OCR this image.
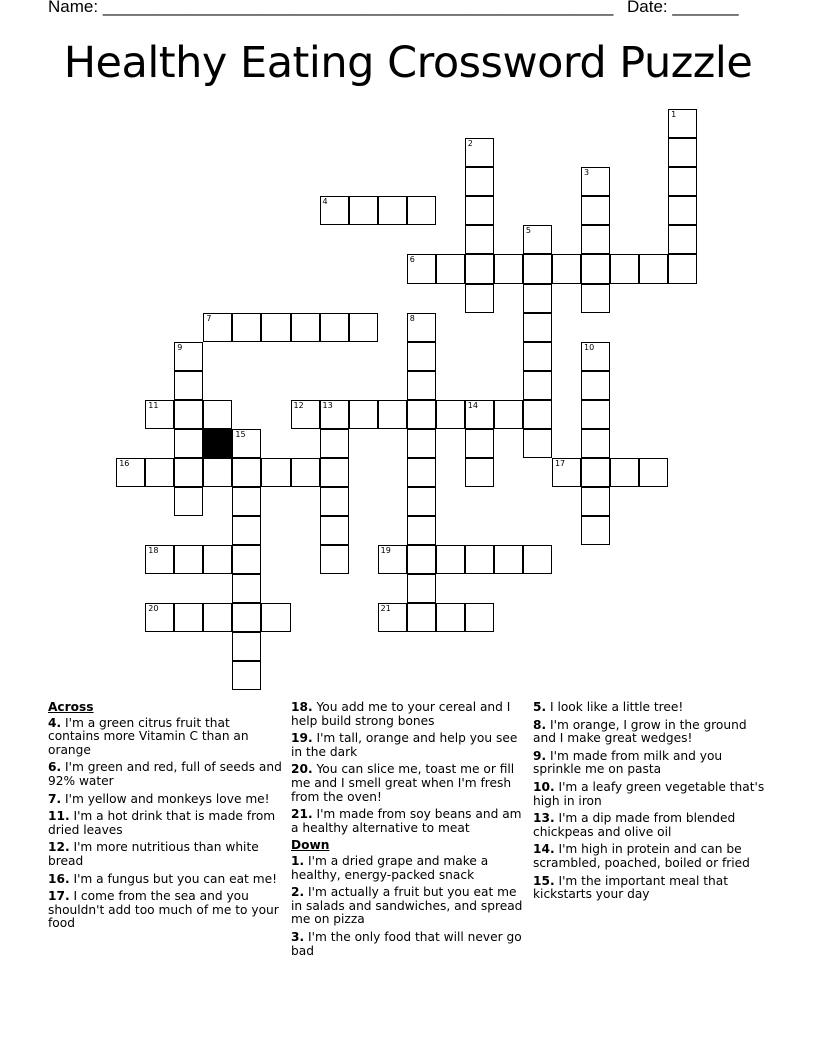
Name: ______________________________________________________ Date: _______
Healthy Eating Crossword Puzzle
1
2
3
4
5
6
7	8
9	10
11	12 13	14
15
16	17
18	19
20	21
Across
4. I'm a green citrus fruit that contains more Vitamin C than an orange
6. I'm green and red, full of seeds and 92% water
7. I'm yellow and monkeys love me!
11. I'm a hot drink that is made from dried leaves
12. I'm more nutritious than white bread
16. I'm a fungus but you can eat me!
17. I come from the sea and you shouldn't add too much of me to your food
18. You add me to your cereal and I help build strong bones
19. I'm tall, orange and help you see in the dark
20. You can slice me, toast me or fill me and I smell great when I'm fresh from the oven!
21. I'm made from soy beans and am a healthy alternative to meat
Down
1. I'm a dried grape and make a healthy, energy-packed snack
2. I'm actually a fruit but you eat me in salads and sandwiches, and spread me on pizza
3. I'm the only food that will never go bad
5. I look like a little tree!
8. I'm orange, I grow in the ground and I make great wedges!
9. I'm made from milk and you sprinkle me on pasta
10. I'm a leafy green vegetable that's high in iron
13. I'm a dip made from blended chickpeas and olive oil
14. I'm high in protein and can be scrambled, poached, boiled or fried
15. I'm the important meal that kickstarts your day
